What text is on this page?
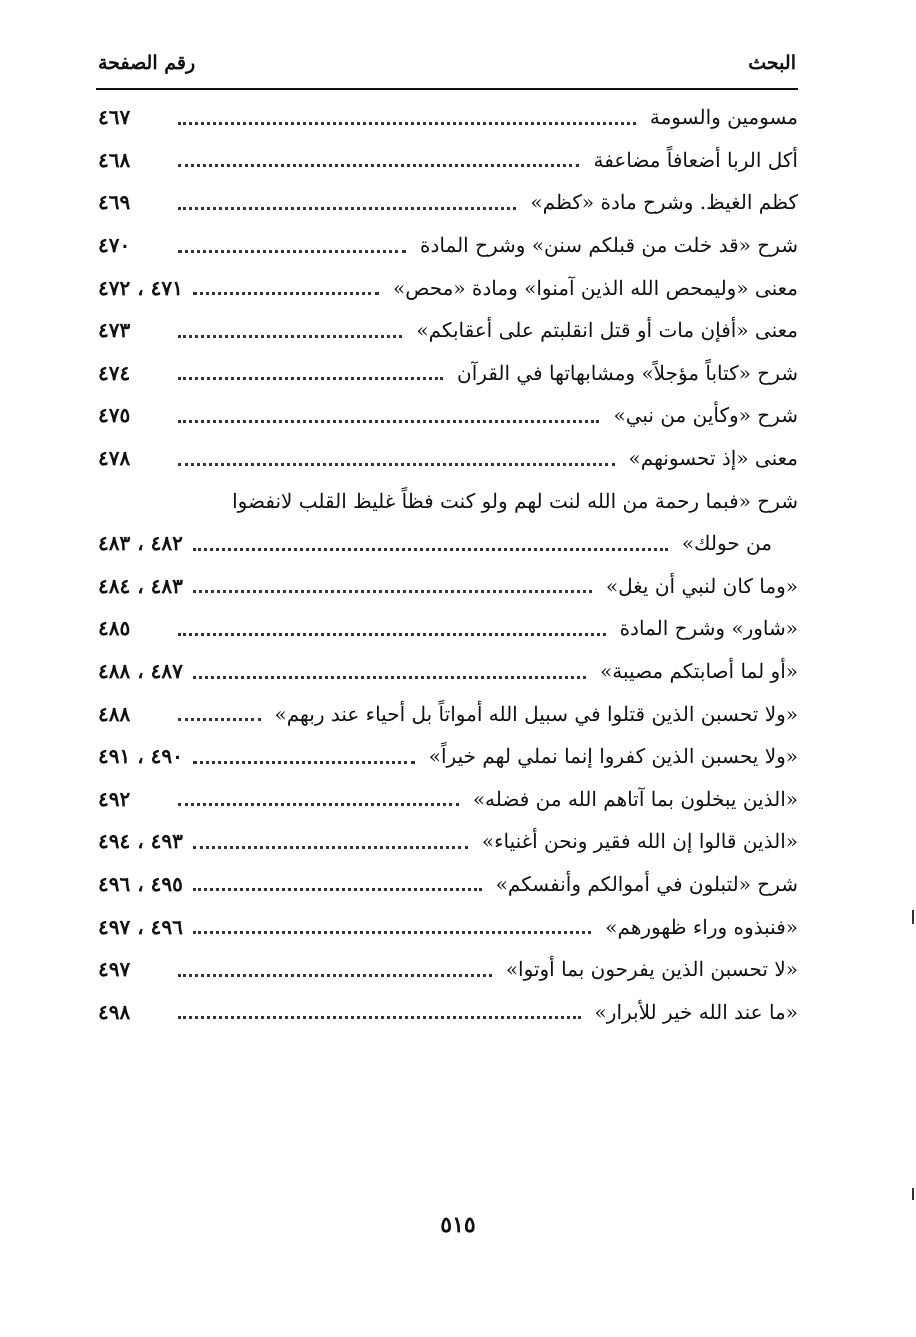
البحث
رقم الصفحة
مسومين والسومة
٤٦٧
أكل الربا أضعافاً مضاعفة
٤٦٨
كظم الغيظ. وشرح مادة «كظم»
٤٦٩
شرح «قد خلت من قبلكم سنن» وشرح المادة
٤٧٠
معنى «وليمحص الله الذين آمنوا» ومادة «محص»
٤٧١ ، ٤٧٢
معنى «أفإن مات أو قتل انقلبتم على أعقابكم»
٤٧٣
شرح «كتاباً مؤجلاً» ومشابهاتها في القرآن
٤٧٤
شرح «وكأين من نبي»
٤٧٥
معنى «إذ تحسونهم»
٤٧٨
شرح «فبما رحمة من الله لنت لهم ولو كنت فظاً غليظ القلب لانفضوا
من حولك»
٤٨٢ ، ٤٨٣
«وما كان لنبي أن يغل»
٤٨٣ ، ٤٨٤
«شاور» وشرح المادة
٤٨٥
«أو لما أصابتكم مصيبة»
٤٨٧ ، ٤٨٨
«ولا تحسبن الذين قتلوا في سبيل الله أمواتاً بل أحياء عند ربهم»
٤٨٨
«ولا يحسبن الذين كفروا إنما نملي لهم خيراً»
٤٩٠ ، ٤٩١
«الذين يبخلون بما آتاهم الله من فضله»
٤٩٢
«الذين قالوا إن الله فقير ونحن أغنياء»
٤٩٣ ، ٤٩٤
شرح «لتبلون في أموالكم وأنفسكم»
٤٩٥ ، ٤٩٦
«فنبذوه وراء ظهورهم»
٤٩٦ ، ٤٩٧
«لا تحسبن الذين يفرحون بما أوتوا»
٤٩٧
«ما عند الله خير للأبرار»
٤٩٨
٥١٥
